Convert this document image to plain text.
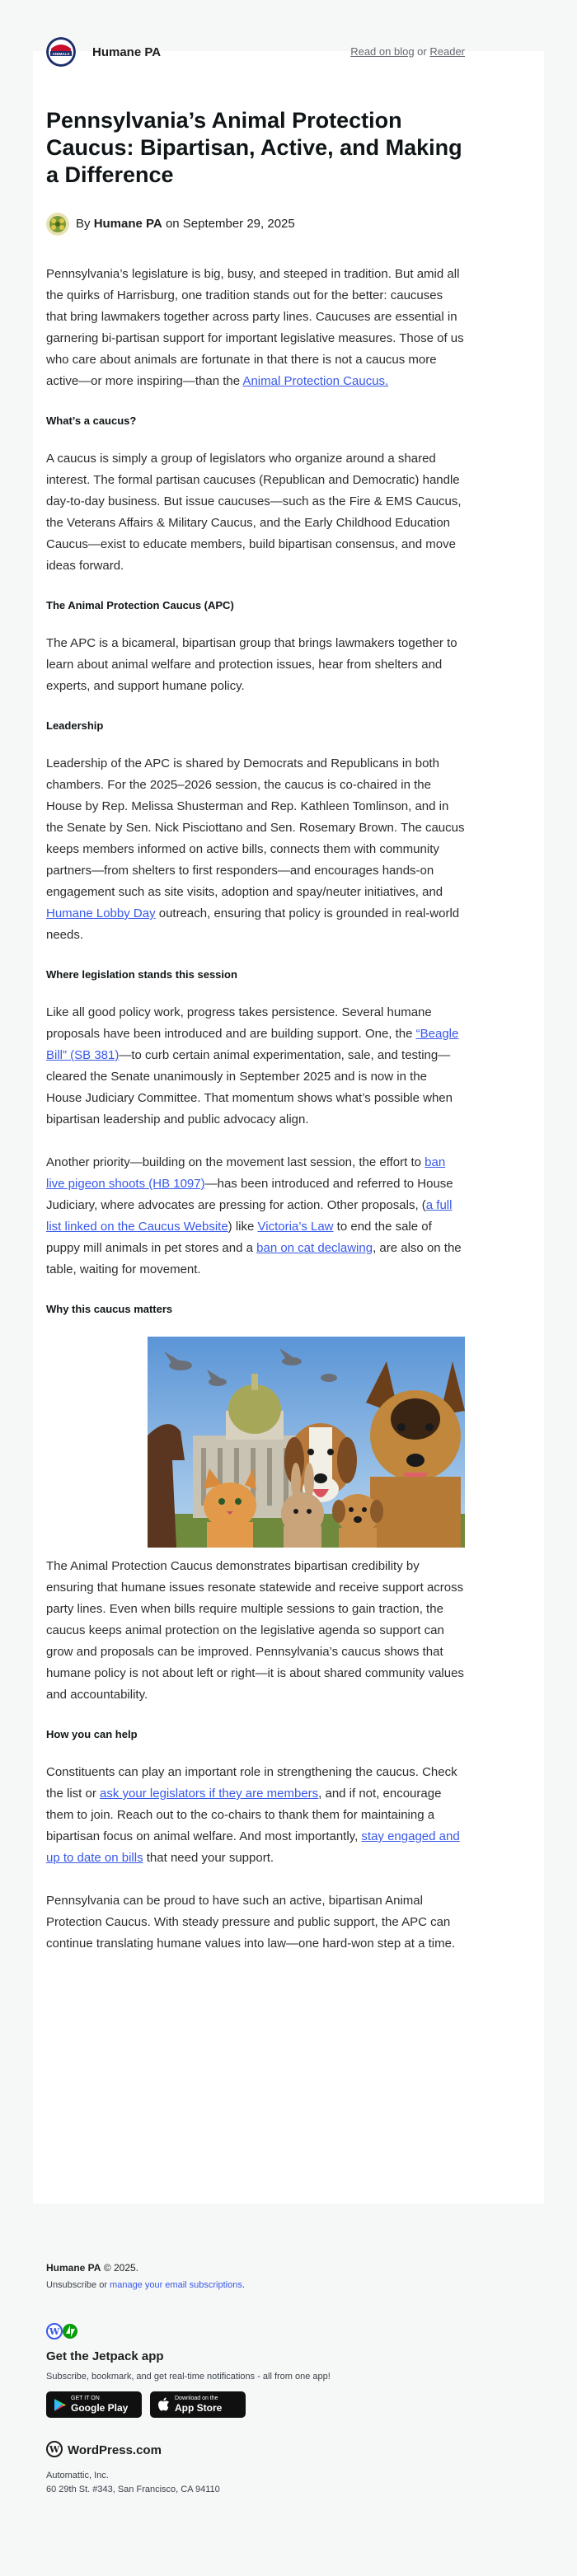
ANIMALS Humane PA	Read on blog or Reader
Pennsylvania’s Animal Protection Caucus: Bipartisan, Active, and Making a Difference
By Humane PA on September 29, 2025

Pennsylvania’s legislature is big, busy, and steeped in tradition. But amid all the quirks of Harrisburg, one tradition stands out for the better: caucuses that bring lawmakers together across party lines. Caucuses are essential in garnering bi-partisan support for important legislative measures. Those of us who care about animals are fortunate in that there is not a caucus more active—or more inspiring—than the Animal Protection Caucus.

What’s a caucus?

A caucus is simply a group of legislators who organize around a shared interest. The formal partisan caucuses (Republican and Democratic) handle day-to-day business. But issue caucuses—such as the Fire & EMS Caucus, the Veterans Affairs & Military Caucus, and the Early Childhood Education Caucus—exist to educate members, build bipartisan consensus, and move ideas forward.

The Animal Protection Caucus (APC)

The APC is a bicameral, bipartisan group that brings lawmakers together to learn about animal welfare and protection issues, hear from shelters and experts, and support humane policy.

Leadership

Leadership of the APC is shared by Democrats and Republicans in both chambers. For the 2025–2026 session, the caucus is co-chaired in the House by Rep. Melissa Shusterman and Rep. Kathleen Tomlinson, and in the Senate by Sen. Nick Pisciottano and Sen. Rosemary Brown. The caucus keeps members informed on active bills, connects them with community partners—from shelters to first responders—and encourages hands-on engagement such as site visits, adoption and spay/neuter initiatives, and Humane Lobby Day outreach, ensuring that policy is grounded in real-world needs.

Where legislation stands this session

Like all good policy work, progress takes persistence. Several humane proposals have been introduced and are building support. One, the “Beagle Bill” (SB 381)—to curb certain animal experimentation, sale, and testing—cleared the Senate unanimously in September 2025 and is now in the House Judiciary Committee. That momentum shows what’s possible when bipartisan leadership and public advocacy align.

Another priority—building on the movement last session, the effort to ban live pigeon shoots (HB 1097)—has been introduced and referred to House Judiciary, where advocates are pressing for action. Other proposals, (a full list linked on the Caucus Website) like Victoria’s Law to end the sale of puppy mill animals in pet stores and a ban on cat declawing, are also on the table, waiting for movement.

Why this caucus matters

The Animal Protection Caucus demonstrates bipartisan credibility by ensuring that humane issues resonate statewide and receive support across party lines. Even when bills require multiple sessions to gain traction, the caucus keeps animal protection on the legislative agenda so support can grow and proposals can be improved. Pennsylvania’s caucus shows that humane policy is not about left or right—it is about shared community values and accountability.

How you can help

Constituents can play an important role in strengthening the caucus. Check the list or ask your legislators if they are members, and if not, encourage them to join. Reach out to the co-chairs to thank them for maintaining a bipartisan focus on animal welfare. And most importantly, stay engaged and up to date on bills that need your support.

Pennsylvania can be proud to have such an active, bipartisan Animal Protection Caucus. With steady pressure and public support, the APC can continue translating humane values into law—one hard-won step at a time.

Humane PA © 2025.
Unsubscribe or manage your email subscriptions.
W
Get the Jetpack app
Subscribe, bookmark, and get real-time notifications - all from one app!
GET IT ON
Google Play
Download on the
App Store
W WordPress.com
Automattic, Inc.
60 29th St. #343, San Francisco, CA 94110
